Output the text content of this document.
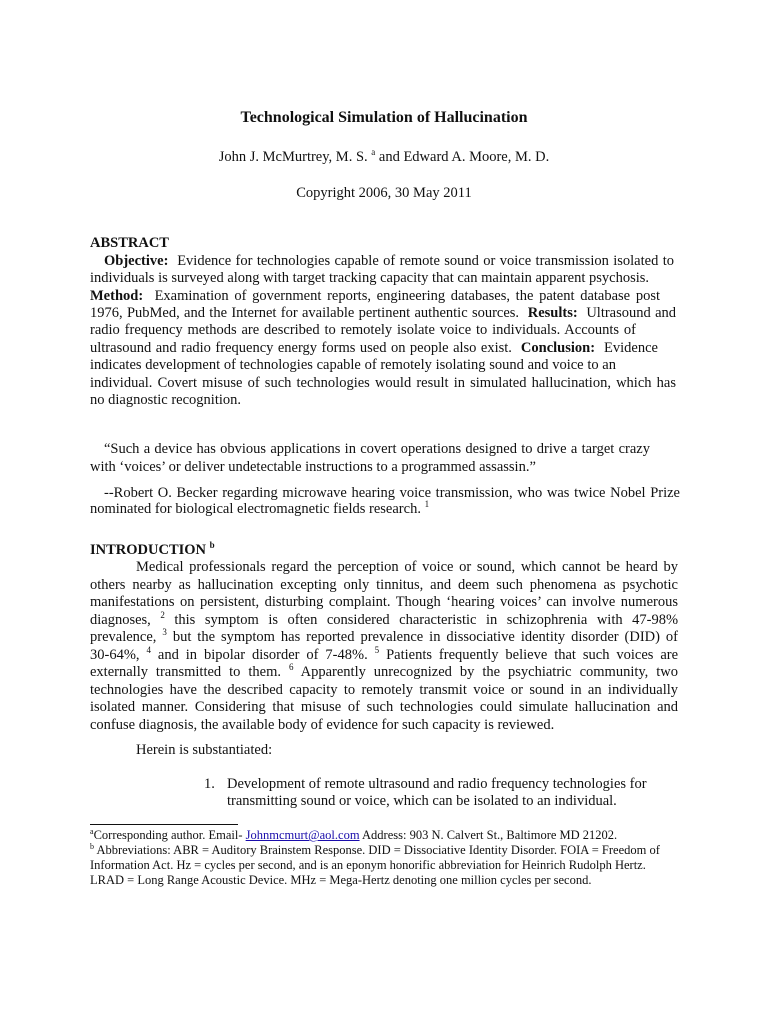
Technological Simulation of Hallucination
John J. McMurtrey, M. S. $^a$ and Edward A. Moore, M. D.
Copyright 2006, 30 May 2011
ABSTRACT
Objective: Evidence for technologies capable of remote sound or voice transmission isolated to
individuals is surveyed along with target tracking capacity that can maintain apparent psychosis.
Method: Examination of government reports, engineering databases, the patent database post
1976, PubMed, and the Internet for available pertinent authentic sources. Results: Ultrasound and
radio frequency methods are described to remotely isolate voice to individuals. Accounts of
ultrasound and radio frequency energy forms used on people also exist. Conclusion: Evidence
indicates development of technologies capable of remotely isolating sound and voice to an
individual. Covert misuse of such technologies would result in simulated hallucination, which has
no diagnostic recognition.
“Such a device has obvious applications in covert operations designed to drive a target crazy
with ‘voices’ or deliver undetectable instructions to a programmed assassin.”
--Robert O. Becker regarding microwave hearing voice transmission, who was twice Nobel Prize
nominated for biological electromagnetic fields research. $^1$
INTRODUCTION $^b$
Medical professionals regard the perception of voice or sound, which cannot be heard by
others nearby as hallucination excepting only tinnitus, and deem such phenomena as psychotic
manifestations on persistent, disturbing complaint. Though ‘hearing voices’ can involve numerous
diagnoses, $^2$ this symptom is often considered characteristic in schizophrenia with 47-98%
prevalence, $^3$ but the symptom has reported prevalence in dissociative identity disorder (DID) of
30-64%, $^4$ and in bipolar disorder of 7-48%. $^5$ Patients frequently believe that such voices are
externally transmitted to them. $^6$ Apparently unrecognized by the psychiatric community, two
technologies have the described capacity to remotely transmit voice or sound in an individually
isolated manner. Considering that misuse of such technologies could simulate hallucination and
confuse diagnosis, the available body of evidence for such capacity is reviewed.
Herein is substantiated:
1. Development of remote ultrasound and radio frequency technologies for
transmitting sound or voice, which can be isolated to an individual.
$^a$Corresponding author. Email- Johnmcmurt@aol.com Address: 903 N. Calvert St., Baltimore MD 21202.
$^b$ Abbreviations: ABR = Auditory Brainstem Response. DID = Dissociative Identity Disorder. FOIA = Freedom of
Information Act. Hz = cycles per second, and is an eponym honorific abbreviation for Heinrich Rudolph Hertz.
LRAD = Long Range Acoustic Device. MHz = Mega-Hertz denoting one million cycles per second.
